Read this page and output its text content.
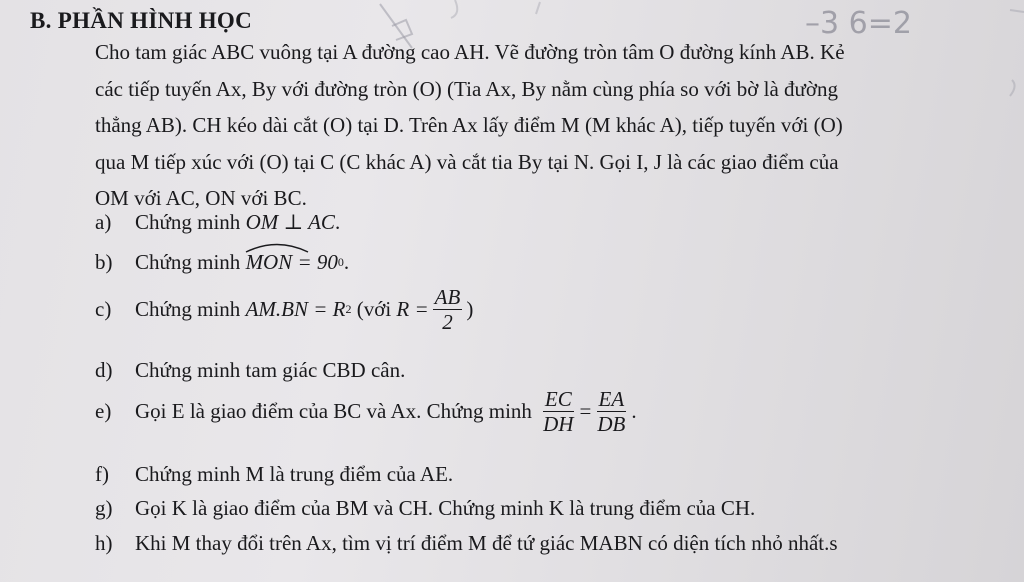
–3 6=2
B. PHẦN HÌNH HỌC
Cho tam giác ABC vuông tại A đường cao AH. Vẽ đường tròn tâm O đường kính AB. Kẻ
các tiếp tuyến Ax, By với đường tròn (O) (Tia Ax, By nằm cùng phía so với bờ là đường
thẳng AB). CH kéo dài cắt (O) tại D. Trên Ax lấy điểm M (M khác A), tiếp tuyến với (O)
qua M tiếp xúc với (O) tại C (C khác A) và cắt tia By tại N. Gọi I, J là các giao điểm của
OM với AC, ON với BC.
a)	Chứng minh
OM ⊥ AC .
b)	Chứng minh
MON
= 90 0 .
c)	Chứng minh
AM.BN = R 2
(với
$R = \frac{AB}{2}$ )
d)	Chứng minh tam giác CBD cân.
e)	Gọi E là giao điểm của BC và Ax. Chứng minh
$\frac{EC}{DH} = \frac{EA}{DB}$ .
f)	Chứng minh M là trung điểm của AE.
g)	Gọi K là giao điểm của BM và CH. Chứng minh K là trung điểm của CH.
h)	Khi M thay đổi trên Ax, tìm vị trí điểm M để tứ giác MABN có diện tích nhỏ nhất.s
